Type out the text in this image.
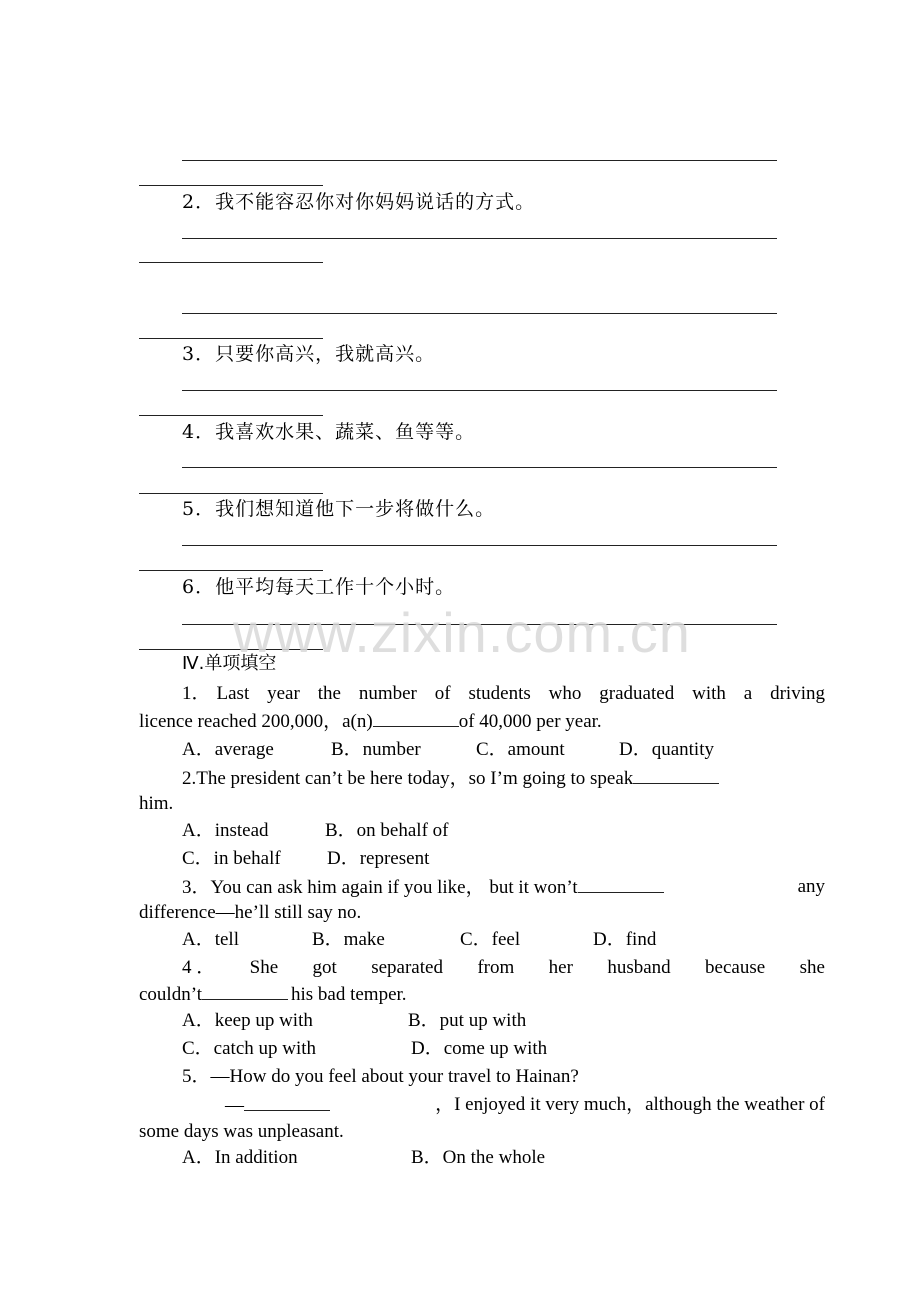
2．我不能容忍你对你妈妈说话的方式。
3．只要你高兴，我就高兴。
4．我喜欢水果、蔬菜、鱼等等。
5．我们想知道他下一步将做什么。
6．他平均每天工作十个小时。
Ⅳ.单项填空
1． Last year the number of students who graduated with a driving
licence reached 200,000，a(n)	of 40,000 per year.
A．average	B．number	C．amount	D．quantity
2.The president can’t be here today，so I’m going to speak
him.
A．instead	B．on behalf of
C．in behalf D．represent
3．You can ask him again if you like， but it won’t	any
difference—he’ll still say no.
A．tell	B．make	C．feel	D．find
4 ． She got separated from her husband because she
couldn’t	his bad temper.
A．keep up with	B．put up with
C．catch up with	D．come up with
5．—How do you feel about your travel to Hainan?
—	，I enjoyed it very much，although the weather of
some days was unpleasant.
A．In addition	B．On the whole
www.zixin.com.cn
